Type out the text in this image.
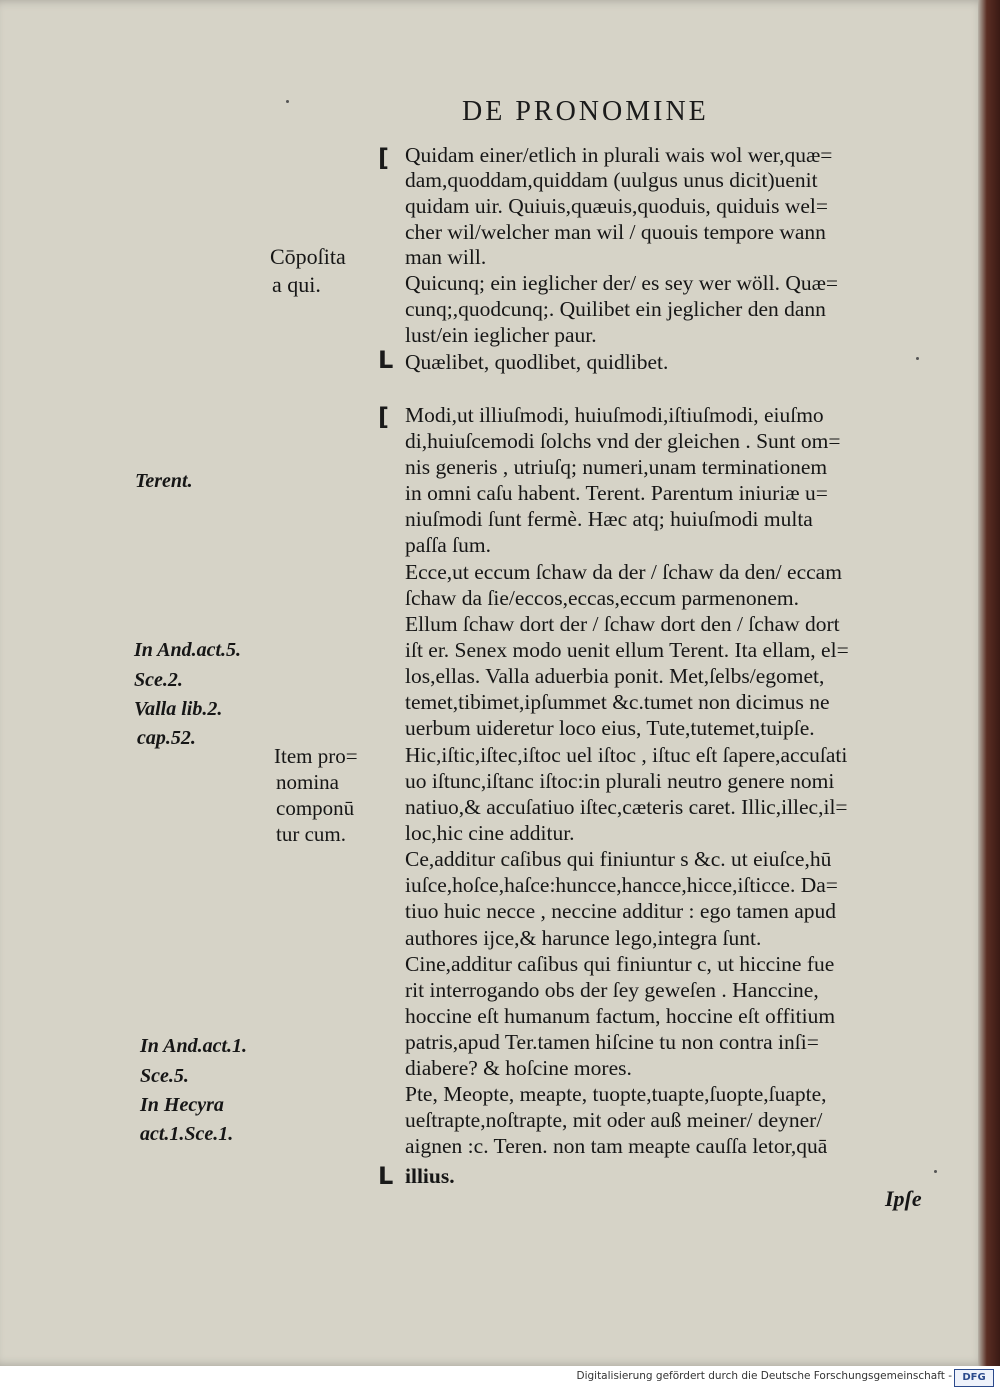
DE PRONOMINE
[
L
Cōpoſita
a qui.
Quidam einer/etlich in plurali wais wol wer,quæ=
dam,quoddam,quiddam (uulgus unus dicit)uenit
quidam uir. Quiuis,quæuis,quoduis, quiduis wel=
cher wil/welcher man wil / quouis tempore wann
man will.
Quicunq; ein ieglicher der/ es sey wer wöll. Quæ=
cunq;,quodcunq;. Quilibet ein jeglicher den dann
lust/ein ieglicher paur.
Quælibet, quodlibet, quidlibet.
[
L
Modi,ut illiuſmodi, huiuſmodi,iſtiuſmodi, eiuſmo
di,huiuſcemodi ſolchs vnd der gleichen . Sunt om=
nis generis , utriuſq; numeri,unam terminationem
in omni caſu habent. Terent. Parentum iniuriæ u=
niuſmodi ſunt fermè. Hæc atq; huiuſmodi multa
paſſa ſum.
Ecce,ut eccum ſchaw da der / ſchaw da den/ eccam
ſchaw da ſie/eccos,eccas,eccum parmenonem.
Ellum ſchaw dort der / ſchaw dort den / ſchaw dort
iſt er. Senex modo uenit ellum Terent. Ita ellam, el=
los,ellas. Valla aduerbia ponit. Met,ſelbs/egomet,
temet,tibimet,ipſummet &c.tumet non dicimus ne
uerbum uideretur loco eius, Tute,tutemet,tuipſe.
Hic,iſtic,iſtec,iſtoc uel iſtoc , iſtuc eſt ſapere,accuſati
uo iſtunc,iſtanc iſtoc:in plurali neutro genere nomi
natiuo,& accuſatiuo iſtec,cæteris caret. Illic,illec,il=
loc,hic cine additur.
Ce,additur caſibus qui finiuntur s &c. ut eiuſce,hū
iuſce,hoſce,haſce:huncce,hancce,hicce,iſticce. Da=
tiuo huic necce , neccine additur : ego tamen apud
authores ĳce,& harunce lego,integra ſunt.
Cine,additur caſibus qui finiuntur c, ut hiccine fue
rit interrogando obs der ſey geweſen . Hanccine,
hoccine eſt humanum factum, hoccine eſt offitium
patris,apud Ter.tamen hiſcine tu non contra inſi=
diabere? & hoſcine mores.
Pte, Meopte, meapte, tuopte,tuapte,ſuopte,ſuapte,
ueſtrapte,noſtrapte, mit oder auß meiner/ deyner/
aignen :c. Teren. non tam meapte cauſſa letor,quā
illius.
Item pro=
nomina
componū
tur cum.
Terent.
In And.act.5.
Sce.2.
Valla lib.2.
cap.52.
In And.act.1.
Sce.5.
In Hecyra
act.1.Sce.1.
Ipſe
Digitalisierung gefördert durch die Deutsche Forschungsgemeinschaft -	DFG
